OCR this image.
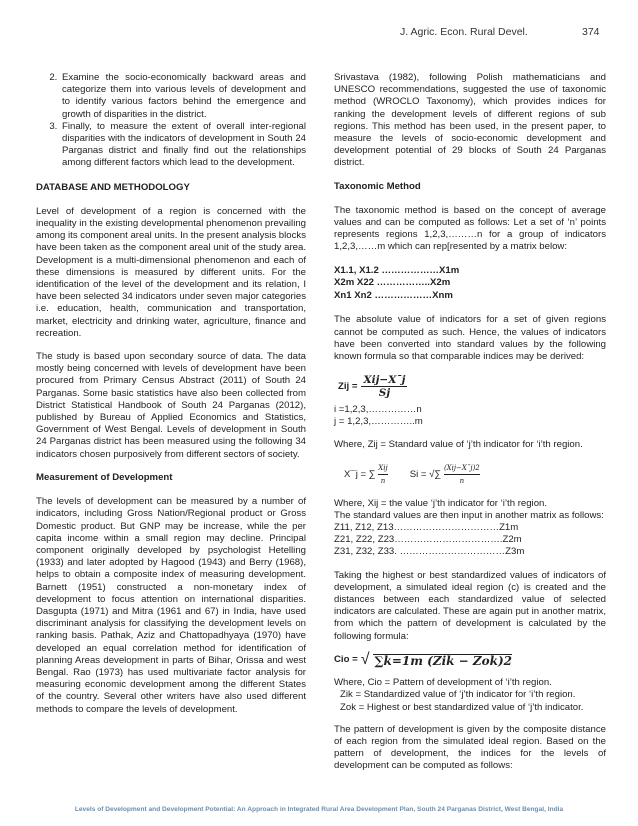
J. Agric. Econ. Rural Devel.	374
2. Examine the socio-economically backward areas and categorize them into various levels of development and to identify various factors behind the emergence and growth of disparities in the district.
3. Finally, to measure the extent of overall inter-regional disparities with the indicators of development in South 24 Parganas district and finally find out the relationships among different factors which lead to the development.

DATABASE AND METHODOLOGY

Level of development of a region is concerned with the inequality in the existing developmental phenomenon prevailing among its component areal units. In the present analysis blocks have been taken as the component areal unit of the study area. Development is a multi-dimensional phenomenon and each of these dimensions is measured by different units. For the identification of the level of the development and its relation, I have been selected 34 indicators under seven major categories i.e. education, health, communication and transportation, market, electricity and drinking water, agriculture, finance and recreation.

The study is based upon secondary source of data. The data mostly being concerned with levels of development have been procured from Primary Census Abstract (2011) of South 24 Parganas. Some basic statistics have also been collected from District Statistical Handbook of South 24 Parganas (2012), published by Bureau of Applied Economics and Statistics, Government of West Bengal. Levels of development in South 24 Parganas district has been measured using the following 34 indicators chosen purposively from different sectors of society.

Measurement of Development

The levels of development can be measured by a number of indicators, including Gross Nation/Regional product or Gross Domestic product. But GNP may be increase, while the per capita income within a small region may decline. Principal component originally developed by psychologist Hetelling (1933) and later adopted by Hagood (1943) and Berry (1968), helps to obtain a composite index of measuring development. Barnett (1951) constructed a non-monetary index of development to focus attention on international disparities. Dasgupta (1971) and Mitra (1961 and 67) in India, have used discriminant analysis for classifying the development levels on ranking basis. Pathak, Aziz and Chattopadhyaya (1970) have developed an equal correlation method for identification of planning Areas development in parts of Bihar, Orissa and west Bengal. Rao (1973) has used multivariate factor analysis for measuring economic development among the different States of the country. Several other writers have also used different methods to compare the levels of development.

Srivastava (1982), following Polish mathematicians and UNESCO recommendations, suggested the use of taxonomic method (WROCLO Taxonomy), which provides indices for ranking the development levels of different regions of sub regions. This method has been used, in the present paper, to measure the levels of socio-economic development and development potential of 29 blocks of South 24 Parganas district.

Taxonomic Method

The taxonomic method is based on the concept of average values and can be computed as follows: Let a set of ‘n’ points represents regions 1,2,3,………n for a group of indicators 1,2,3,……m which can rep[resented by a matrix below:

X1.1, X1.2 ………………X1m
X2m X22 ……………..X2m
Xn1 Xn2 ………………Xnm

The absolute value of indicators for a set of given regions cannot be computed as such. Hence, the values of indicators have been converted into standard values by the following known formula so that comparable indices may be derived:

Zij = $\frac{\text{Xij−X¯j}}{Sj}$
i =1,2,3,……………n
j = 1,2,3,…………..m

Where, Zij = Standard value of ‘j’th indicator for ‘i’th region.

X¯j = ∑ $\frac{\text{Xij}}{n}$ Si = √∑ $\frac{\text{(Xij−X¯j)2}}{n}$
Where, Xij = the value ‘j’th indicator for ‘i’th region.
The standard values are then input in another matrix as follows:
Z11, Z12, Z13……………………………Z1m
Z21, Z22, Z23…………………………….Z2m
Z31, Z32, Z33. ……………………………Z3m

Taking the highest or best standardized values of indicators of development, a simulated ideal region (c) is created and the distances between each standardized value of selected indicators are calculated. These are again put in another matrix, from which the pattern of development is calculated by the following formula:

Cio = √ ∑k=1m (Zik − Zok)2
Where, Cio = Pattern of development of ‘i’th region.
Zik = Standardized value of ‘j’th indicator for ‘i’th region.
Zok = Highest or best standardized value of ‘j’th indicator.

The pattern of development is given by the composite distance of each region from the simulated ideal region. Based on the pattern of development, the indices for the levels of development can be computed as follows:

Levels of Development and Development Potential: An Approach in Integrated Rural Area Development Plan, South 24 Parganas District, West Bengal, India
